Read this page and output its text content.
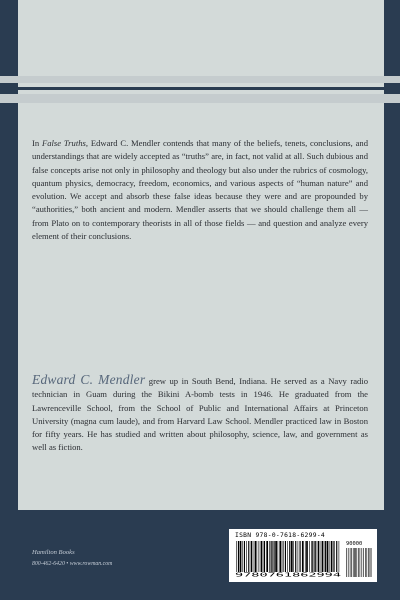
In False Truths, Edward C. Mendler contends that many of the beliefs, tenets, conclusions, and understandings that are widely accepted as “truths” are, in fact, not valid at all. Such dubious and false concepts arise not only in philosophy and theology but also under the rubrics of cosmology, quantum physics, democracy, freedom, economics, and various aspects of “human nature” and evolution. We accept and absorb these false ideas because they were and are propounded by “authorities,” both ancient and modern. Mendler asserts that we should challenge them all — from Plato on to contemporary theorists in all of those fields — and question and analyze every element of their conclusions.

Edward C. Mendler grew up in South Bend, Indiana. He served as a Navy radio technician in Guam during the Bikini A-bomb tests in 1946. He graduated from the Lawrenceville School, from the School of Public and International Affairs at Princeton University (magna cum laude), and from Harvard Law School. Mendler practiced law in Boston for fifty years. He has studied and written about philosophy, science, law, and government as well as fiction.

Hamilton Books
800-462-6420 • www.rowman.com
ISBN 978-0-7618-6299-4
90000
9780761862994
